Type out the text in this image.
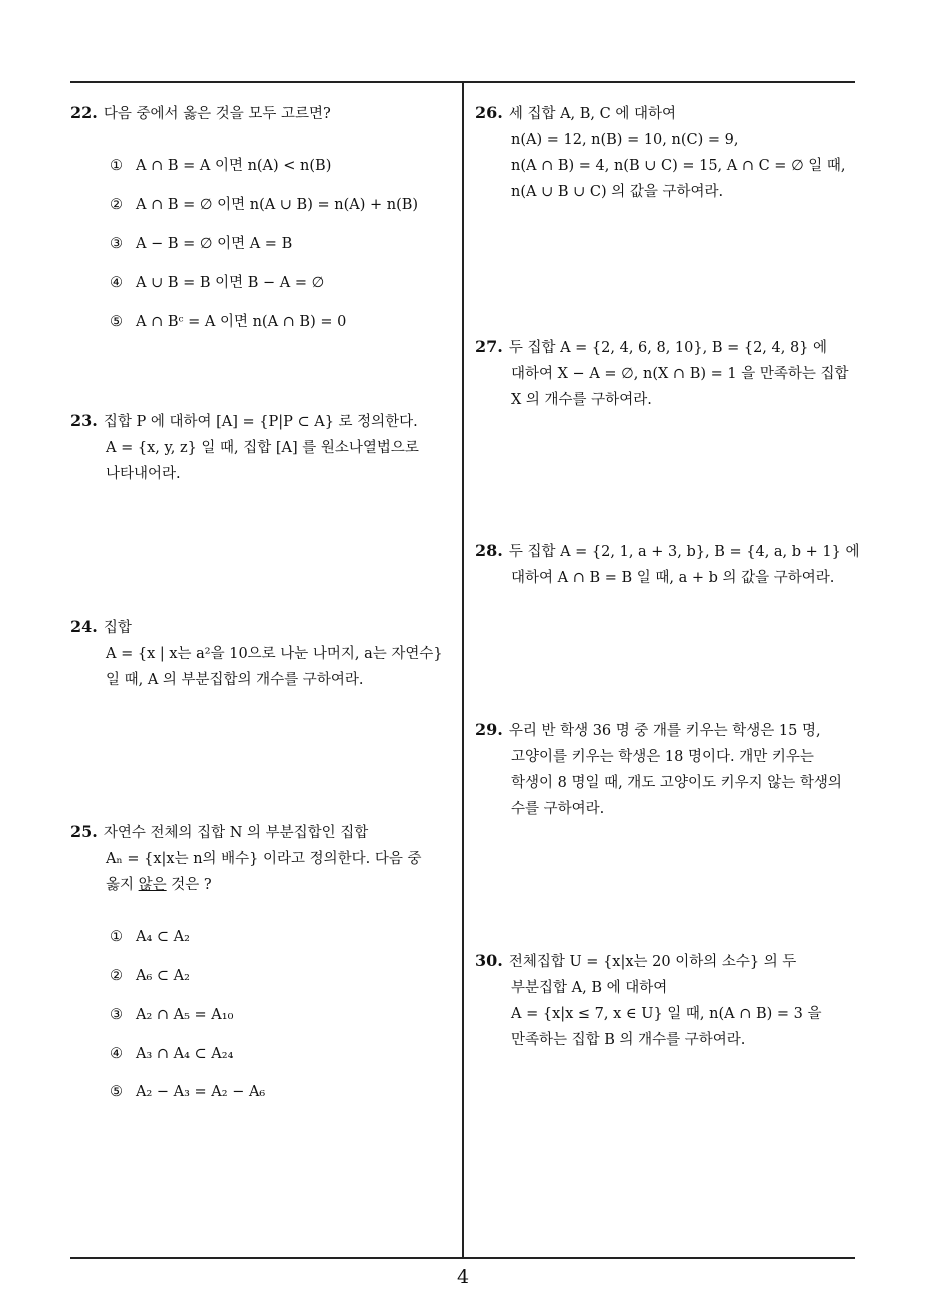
22. 다음 중에서 옳은 것을 모두 고르면?
① A ∩ B = A 이면 n(A) < n(B)
② A ∩ B = ∅ 이면 n(A ∪ B) = n(A) + n(B)
③ A − B = ∅ 이면 A = B
④ A ∪ B = B 이면 B − A = ∅
⑤ A ∩ Bᶜ = A 이면 n(A ∩ B) = 0
23. 집합 P 에 대하여 [A] = {P|P ⊂ A} 로 정의한다.
A = {x, y, z} 일 때, 집합 [A] 를 원소나열법으로
나타내어라.
24. 집합
A = {x | x는 a²을 10으로 나눈 나머지, a는 자연수}
일 때, A 의 부분집합의 개수를 구하여라.
25. 자연수 전체의 집합 N 의 부분집합인 집합
Aₙ = {x|x는 n의 배수} 이라고 정의한다. 다음 중
옳지 않은 것은 ?
① A₄ ⊂ A₂
② A₆ ⊂ A₂
③ A₂ ∩ A₅ = A₁₀
④ A₃ ∩ A₄ ⊂ A₂₄
⑤ A₂ − A₃ = A₂ − A₆
26. 세 집합 A, B, C 에 대하여
n(A) = 12, n(B) = 10, n(C) = 9,
n(A ∩ B) = 4, n(B ∪ C) = 15, A ∩ C = ∅ 일 때,
n(A ∪ B ∪ C) 의 값을 구하여라.
27. 두 집합 A = {2, 4, 6, 8, 10}, B = {2, 4, 8} 에
대하여 X − A = ∅, n(X ∩ B) = 1 을 만족하는 집합
X 의 개수를 구하여라.
28. 두 집합 A = {2, 1, a + 3, b}, B = {4, a, b + 1} 에
대하여 A ∩ B = B 일 때, a + b 의 값을 구하여라.
29. 우리 반 학생 36 명 중 개를 키우는 학생은 15 명,
고양이를 키우는 학생은 18 명이다. 개만 키우는
학생이 8 명일 때, 개도 고양이도 키우지 않는 학생의
수를 구하여라.
30. 전체집합 U = {x|x는 20 이하의 소수} 의 두
부분집합 A, B 에 대하여
A = {x|x ≤ 7, x ∈ U} 일 때, n(A ∩ B) = 3 을
만족하는 집합 B 의 개수를 구하여라.
4
